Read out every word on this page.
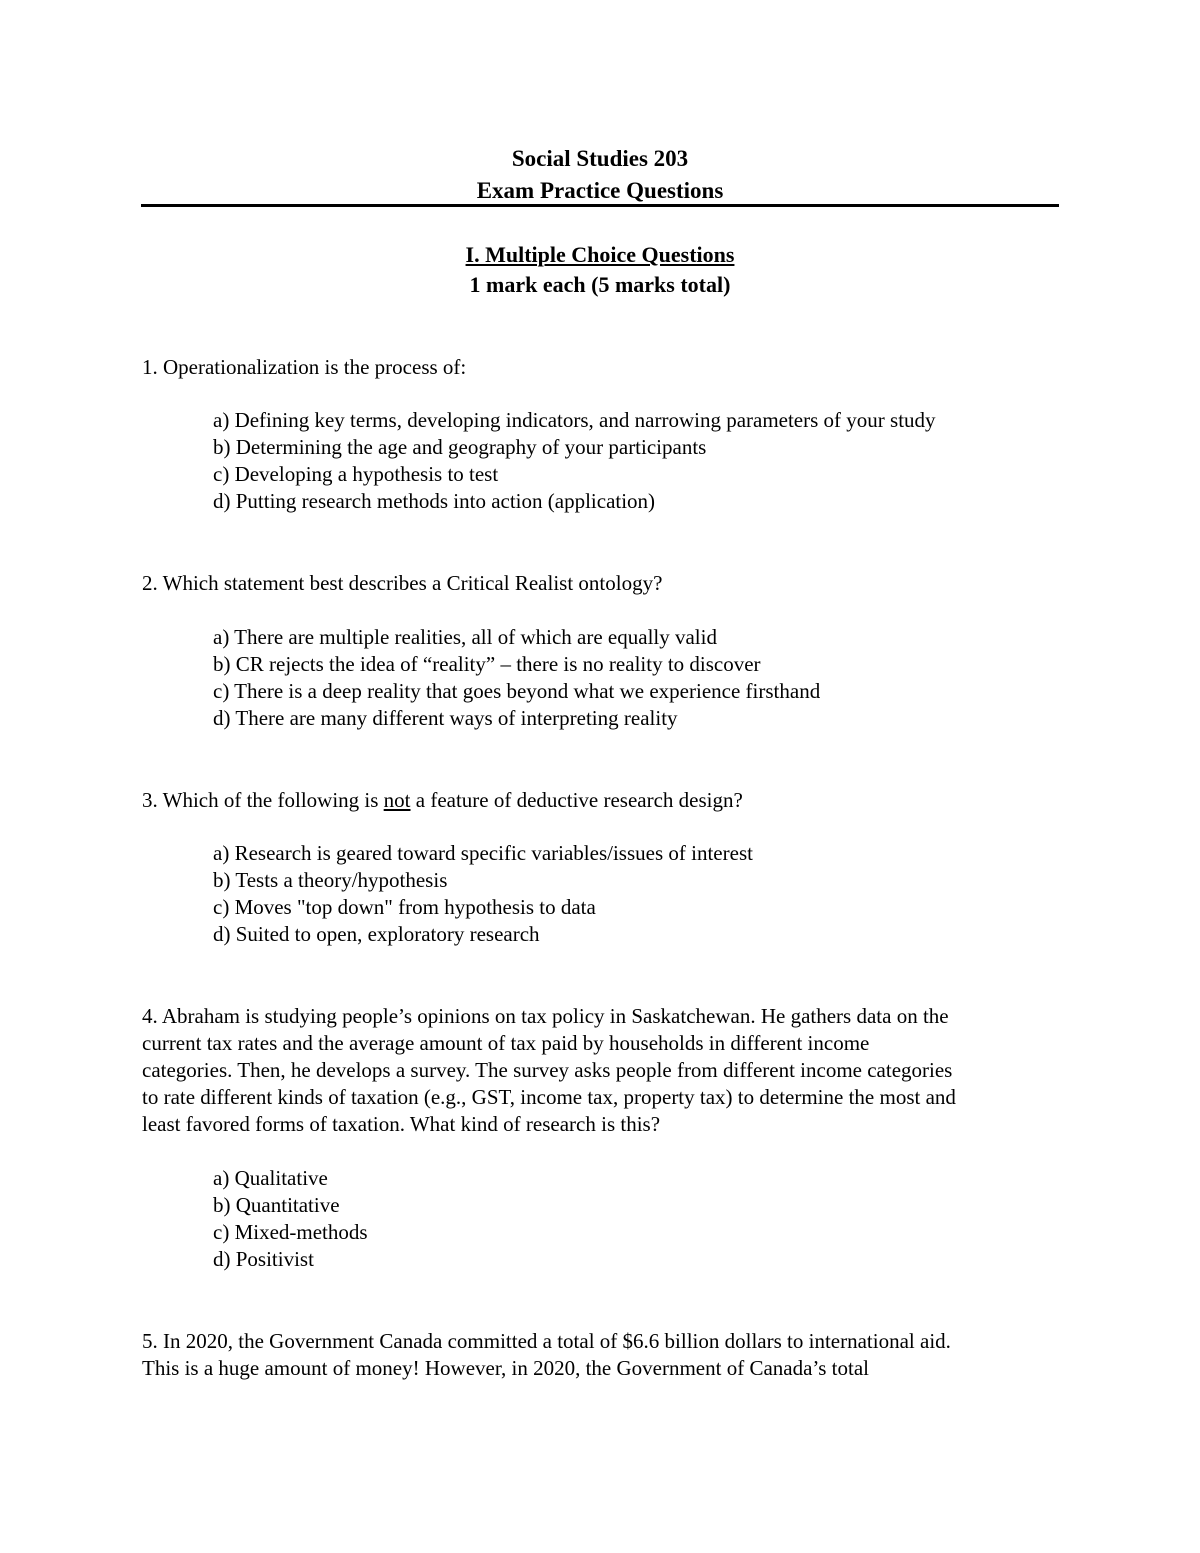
Social Studies 203
Exam Practice Questions
I. Multiple Choice Questions
1 mark each (5 marks total)
1. Operationalization is the process of:
a) Defining key terms, developing indicators, and narrowing parameters of your study
b) Determining the age and geography of your participants
c) Developing a hypothesis to test
d) Putting research methods into action (application)
2. Which statement best describes a Critical Realist ontology?
a) There are multiple realities, all of which are equally valid
b) CR rejects the idea of “reality” – there is no reality to discover
c) There is a deep reality that goes beyond what we experience firsthand
d) There are many different ways of interpreting reality
3. Which of the following is not a feature of deductive research design?
a) Research is geared toward specific variables/issues of interest
b) Tests a theory/hypothesis
c) Moves "top down" from hypothesis to data
d) Suited to open, exploratory research
4. Abraham is studying people’s opinions on tax policy in Saskatchewan. He gathers data on the
current tax rates and the average amount of tax paid by households in different income
categories. Then, he develops a survey. The survey asks people from different income categories
to rate different kinds of taxation (e.g., GST, income tax, property tax) to determine the most and
least favored forms of taxation. What kind of research is this?
a) Qualitative
b) Quantitative
c) Mixed-methods
d) Positivist
5. In 2020, the Government Canada committed a total of $6.6 billion dollars to international aid.
This is a huge amount of money! However, in 2020, the Government of Canada’s total
